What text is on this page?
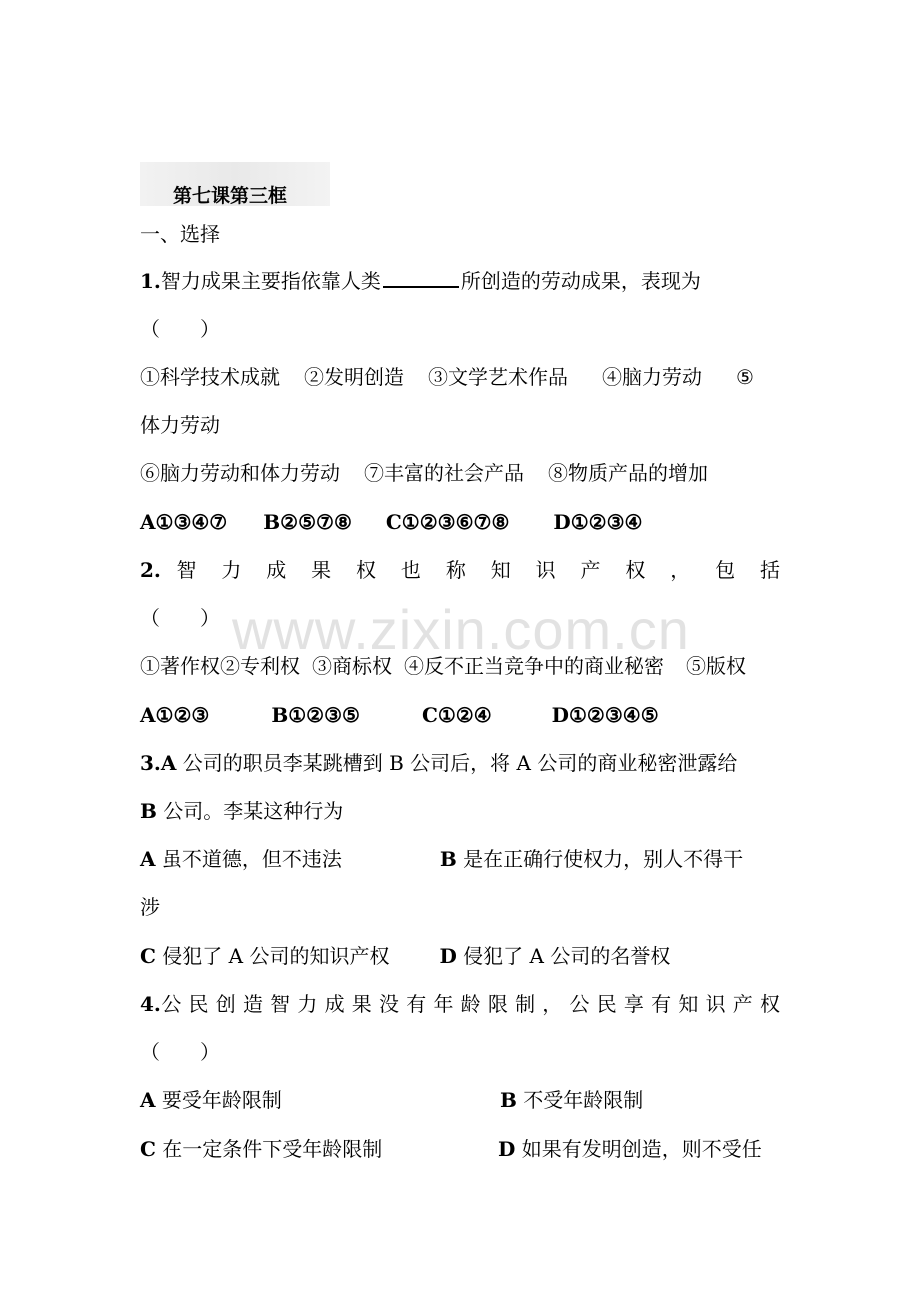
第七课第三框
一、选择
1.智力成果主要指依靠人类	所创造的劳动成果，表现为
（　　）
①科学技术成就 ②发明创造 ③文学艺术作品 ④脑力劳动 ⑤
体力劳动
⑥脑力劳动和体力劳动 ⑦丰富的社会产品 ⑧物质产品的增加
A①③④⑦ B②⑤⑦⑧ C①②③⑥⑦⑧ D①②③④
2. 智 力 成 果 权 也 称 知 识 产 权 ， 包 括
（　　）
①著作权②专利权 ③商标权 ④反不正当竞争中的商业秘密 ⑤版权
A①②③	B①②③⑤	C①②④	D①②③④⑤
3.A 公司的职员李某跳槽到 B 公司后，将 A 公司的商业秘密泄露给
B 公司。李某这种行为
A 虽不道德，但不违法	B 是在正确行使权力，别人不得干
涉
C 侵犯了 A 公司的知识产权	D 侵犯了 A 公司的名誉权
4.公 民 创 造 智 力 成 果 没 有 年 龄 限 制 ， 公 民 享 有 知 识 产 权
（　　）
A 要受年龄限制	B 不受年龄限制
C 在一定条件下受年龄限制	D 如果有发明创造，则不受任
www.zixin.com.cn
